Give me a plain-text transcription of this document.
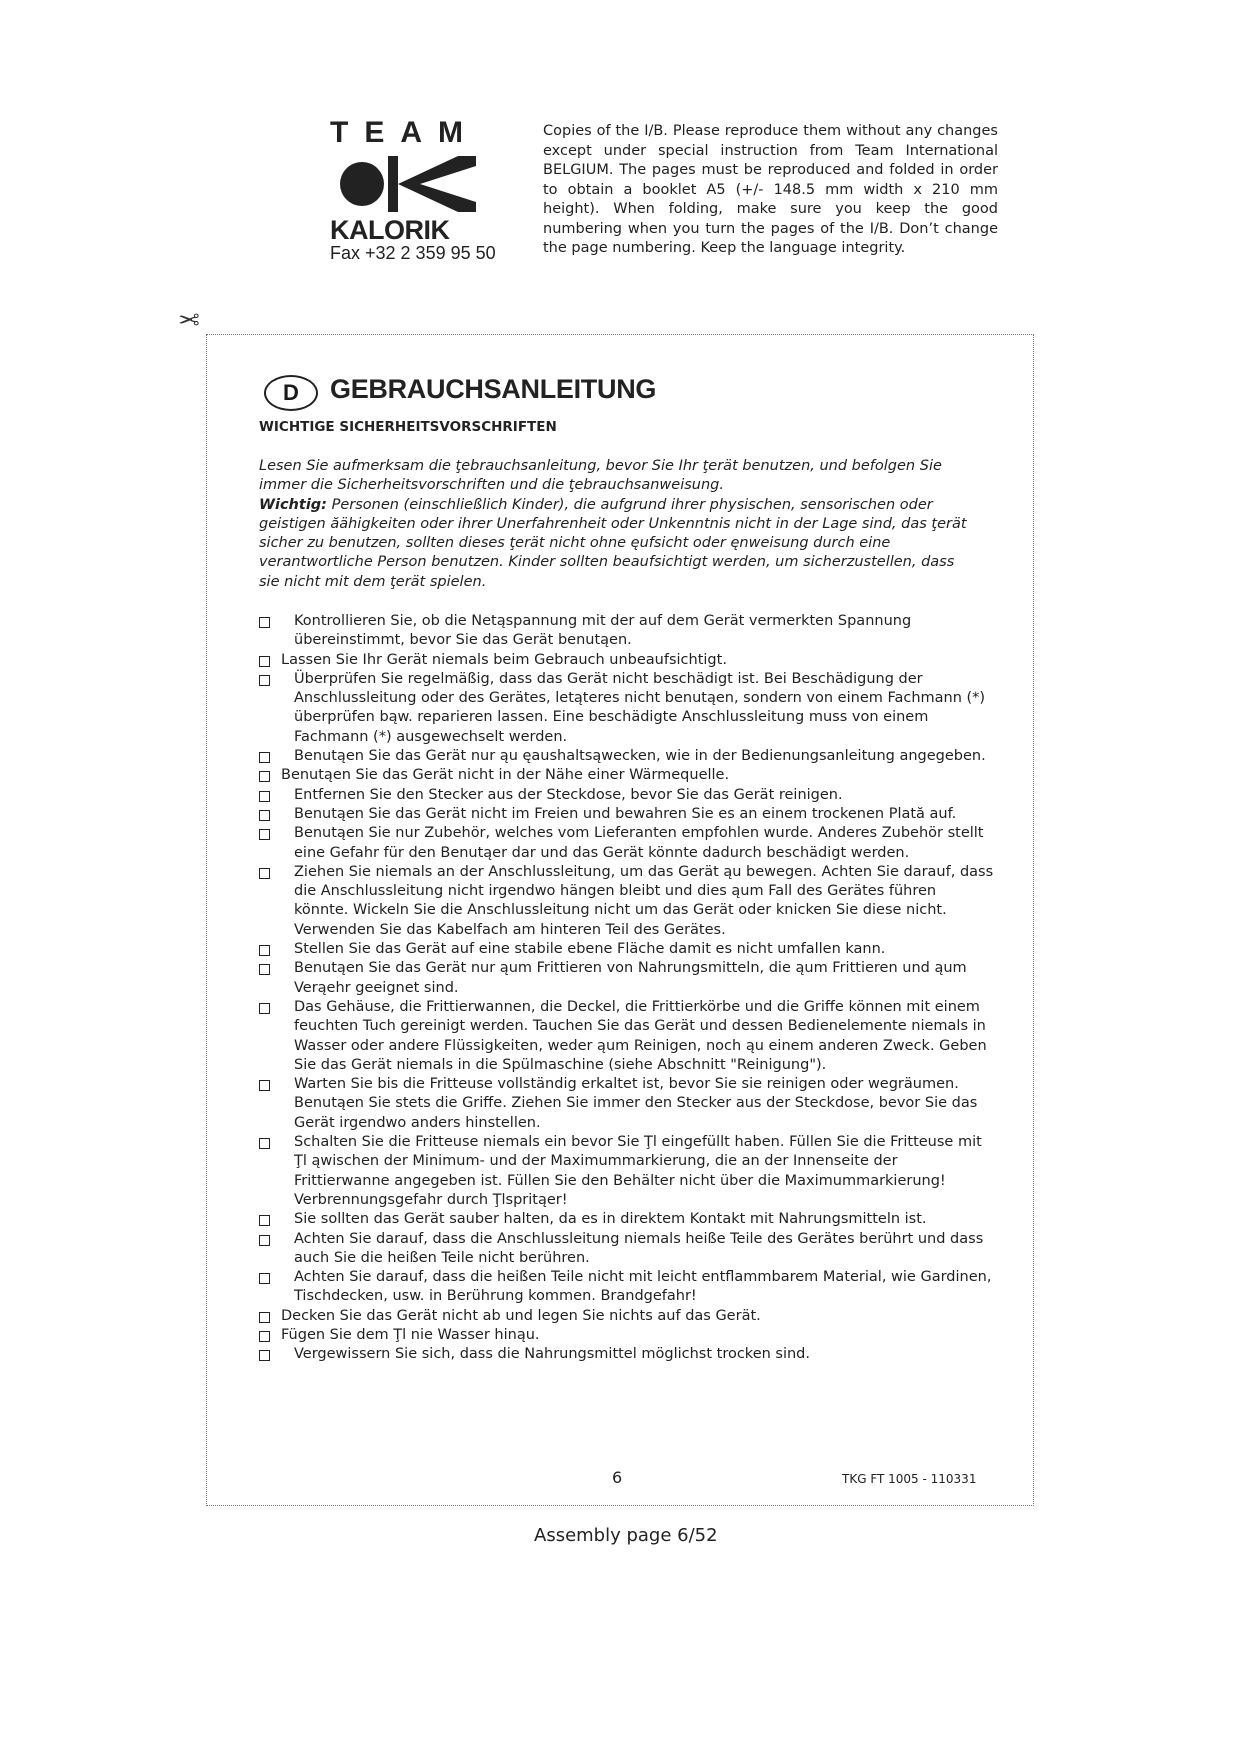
TEAM
KALORIK
Fax +32 2 359 95 50
Copies of the I/B. Please reproduce them without any changes except under special instruction from Team International BELGIUM. The pages must be reproduced and folded in order to obtain a booklet A5 (+/- 148.5 mm width x 210 mm height). When folding, make sure you keep the good numbering when you turn the pages of the I/B. Don’t change the page numbering. Keep the language integrity.
✂
D GEBRAUCHSANLEITUNG
WICHTIGE SICHERHEITSVORSCHRIFTEN
Lesen Sie aufmerksam die ţebrauchsanleitung, bevor Sie Ihr ţerät benutzen, und befolgen Sie immer die Sicherheitsvorschriften und die ţebrauchsanweisung.
Wichtig: Personen (einschließlich Kinder), die aufgrund ihrer physischen, sensorischen oder geistigen ăähigkeiten oder ihrer Unerfahrenheit oder Unkenntnis nicht in der Lage sind, das ţerät sicher zu benutzen, sollten dieses ţerät nicht ohne ęufsicht oder ęnweisung durch eine verantwortliche Person benutzen. Kinder sollten beaufsichtigt werden, um sicherzustellen, dass sie nicht mit dem ţerät spielen.
Kontrollieren Sie, ob die Netąspannung mit der auf dem Gerät vermerkten Spannung übereinstimmt, bevor Sie das Gerät benutąen.
Lassen Sie Ihr Gerät niemals beim Gebrauch unbeaufsichtigt.
Überprüfen Sie regelmäßig, dass das Gerät nicht beschädigt ist. Bei Beschädigung der Anschlussleitung oder des Gerätes, letąteres nicht benutąen, sondern von einem Fachmann (*) überprüfen bąw. reparieren lassen. Eine beschädigte Anschlussleitung muss von einem Fachmann (*) ausgewechselt werden.
Benutąen Sie das Gerät nur ąu ęaushaltsąwecken, wie in der Bedienungsanleitung angegeben.
Benutąen Sie das Gerät nicht in der Nähe einer Wärmequelle.
Entfernen Sie den Stecker aus der Steckdose, bevor Sie das Gerät reinigen.
Benutąen Sie das Gerät nicht im Freien und bewahren Sie es an einem trockenen Plată auf.
Benutąen Sie nur Zubehör, welches vom Lieferanten empfohlen wurde. Anderes Zubehör stellt eine Gefahr für den Benutąer dar und das Gerät könnte dadurch beschädigt werden.
Ziehen Sie niemals an der Anschlussleitung, um das Gerät ąu bewegen. Achten Sie darauf, dass die Anschlussleitung nicht irgendwo hängen bleibt und dies ąum Fall des Gerätes führen könnte. Wickeln Sie die Anschlussleitung nicht um das Gerät oder knicken Sie diese nicht. Verwenden Sie das Kabelfach am hinteren Teil des Gerätes.
Stellen Sie das Gerät auf eine stabile ebene Fläche damit es nicht umfallen kann.
Benutąen Sie das Gerät nur ąum Frittieren von Nahrungsmitteln, die ąum Frittieren und ąum Verąehr geeignet sind.
Das Gehäuse, die Frittierwannen, die Deckel, die Frittierkörbe und die Griffe können mit einem feuchten Tuch gereinigt werden. Tauchen Sie das Gerät und dessen Bedienelemente niemals in Wasser oder andere Flüssigkeiten, weder ąum Reinigen, noch ąu einem anderen Zweck. Geben Sie das Gerät niemals in die Spülmaschine (siehe Abschnitt "Reinigung").
Warten Sie bis die Fritteuse vollständig erkaltet ist, bevor Sie sie reinigen oder wegräumen. Benutąen Sie stets die Griffe. Ziehen Sie immer den Stecker aus der Steckdose, bevor Sie das Gerät irgendwo anders hinstellen.
Schalten Sie die Fritteuse niemals ein bevor Sie Ţl eingefüllt haben. Füllen Sie die Fritteuse mit Ţl ąwischen der Minimum- und der Maximummarkierung, die an der Innenseite der Frittierwanne angegeben ist. Füllen Sie den Behälter nicht über die Maximummarkierung! Verbrennungsgefahr durch Ţlspritąer!
Sie sollten das Gerät sauber halten, da es in direktem Kontakt mit Nahrungsmitteln ist.
Achten Sie darauf, dass die Anschlussleitung niemals heiße Teile des Gerätes berührt und dass auch Sie die heißen Teile nicht berühren.
Achten Sie darauf, dass die heißen Teile nicht mit leicht entflammbarem Material, wie Gardinen, Tischdecken, usw. in Berührung kommen. Brandgefahr!
Decken Sie das Gerät nicht ab und legen Sie nichts auf das Gerät.
Fügen Sie dem Ţl nie Wasser hinąu.
Vergewissern Sie sich, dass die Nahrungsmittel möglichst trocken sind.
6	TKG FT 1005 - 110331
Assembly page 6/52
